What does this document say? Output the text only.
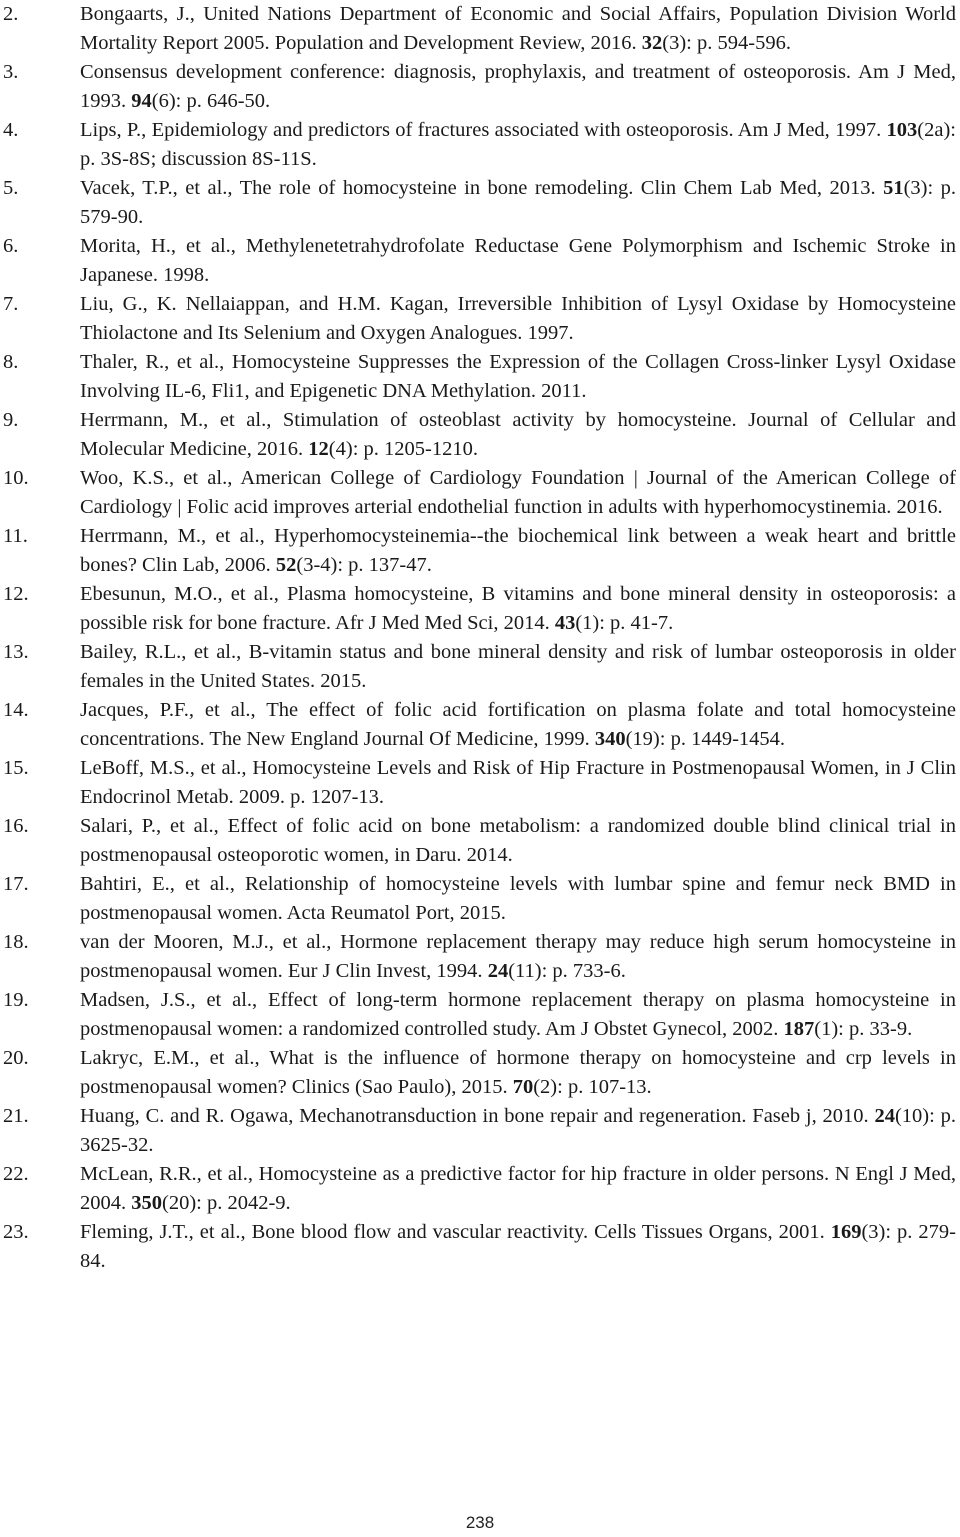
2.	Bongaarts, J., United Nations Department of Economic and Social Affairs, Population Division World Mortality Report 2005. Population and Development Review, 2016. 32(3): p. 594-596.
3.	Consensus development conference: diagnosis, prophylaxis, and treatment of osteoporosis. Am J Med, 1993. 94(6): p. 646-50.
4.	Lips, P., Epidemiology and predictors of fractures associated with osteoporosis. Am J Med, 1997. 103(2a): p. 3S-8S; discussion 8S-11S.
5.	Vacek, T.P., et al., The role of homocysteine in bone remodeling. Clin Chem Lab Med, 2013. 51(3): p. 579-90.
6.	Morita, H., et al., Methylenetetrahydrofolate Reductase Gene Polymorphism and Ischemic Stroke in Japanese. 1998.
7.	Liu, G., K. Nellaiappan, and H.M. Kagan, Irreversible Inhibition of Lysyl Oxidase by Homocysteine Thiolactone and Its Selenium and Oxygen Analogues. 1997.
8.	Thaler, R., et al., Homocysteine Suppresses the Expression of the Collagen Cross-linker Lysyl Oxidase Involving IL-6, Fli1, and Epigenetic DNA Methylation. 2011.
9.	Herrmann, M., et al., Stimulation of osteoblast activity by homocysteine. Journal of Cellular and Molecular Medicine, 2016. 12(4): p. 1205-1210.
10.	Woo, K.S., et al., American College of Cardiology Foundation | Journal of the American College of Cardiology | Folic acid improves arterial endothelial function in adults with hyperhomocystinemia. 2016.
11.	Herrmann, M., et al., Hyperhomocysteinemia--the biochemical link between a weak heart and brittle bones? Clin Lab, 2006. 52(3-4): p. 137-47.
12.	Ebesunun, M.O., et al., Plasma homocysteine, B vitamins and bone mineral density in osteoporosis: a possible risk for bone fracture. Afr J Med Med Sci, 2014. 43(1): p. 41-7.
13.	Bailey, R.L., et al., B-vitamin status and bone mineral density and risk of lumbar osteoporosis in older females in the United States. 2015.
14.	Jacques, P.F., et al., The effect of folic acid fortification on plasma folate and total homocysteine concentrations. The New England Journal Of Medicine, 1999. 340(19): p. 1449-1454.
15.	LeBoff, M.S., et al., Homocysteine Levels and Risk of Hip Fracture in Postmenopausal Women, in J Clin Endocrinol Metab. 2009. p. 1207-13.
16.	Salari, P., et al., Effect of folic acid on bone metabolism: a randomized double blind clinical trial in postmenopausal osteoporotic women, in Daru. 2014.
17.	Bahtiri, E., et al., Relationship of homocysteine levels with lumbar spine and femur neck BMD in postmenopausal women. Acta Reumatol Port, 2015.
18.	van der Mooren, M.J., et al., Hormone replacement therapy may reduce high serum homocysteine in postmenopausal women. Eur J Clin Invest, 1994. 24(11): p. 733-6.
19.	Madsen, J.S., et al., Effect of long-term hormone replacement therapy on plasma homocysteine in postmenopausal women: a randomized controlled study. Am J Obstet Gynecol, 2002. 187(1): p. 33-9.
20.	Lakryc, E.M., et al., What is the influence of hormone therapy on homocysteine and crp levels in postmenopausal women? Clinics (Sao Paulo), 2015. 70(2): p. 107-13.
21.	Huang, C. and R. Ogawa, Mechanotransduction in bone repair and regeneration. Faseb j, 2010. 24(10): p. 3625-32.
22.	McLean, R.R., et al., Homocysteine as a predictive factor for hip fracture in older persons. N Engl J Med, 2004. 350(20): p. 2042-9.
23.	Fleming, J.T., et al., Bone blood flow and vascular reactivity. Cells Tissues Organs, 2001. 169(3): p. 279-84.
238
